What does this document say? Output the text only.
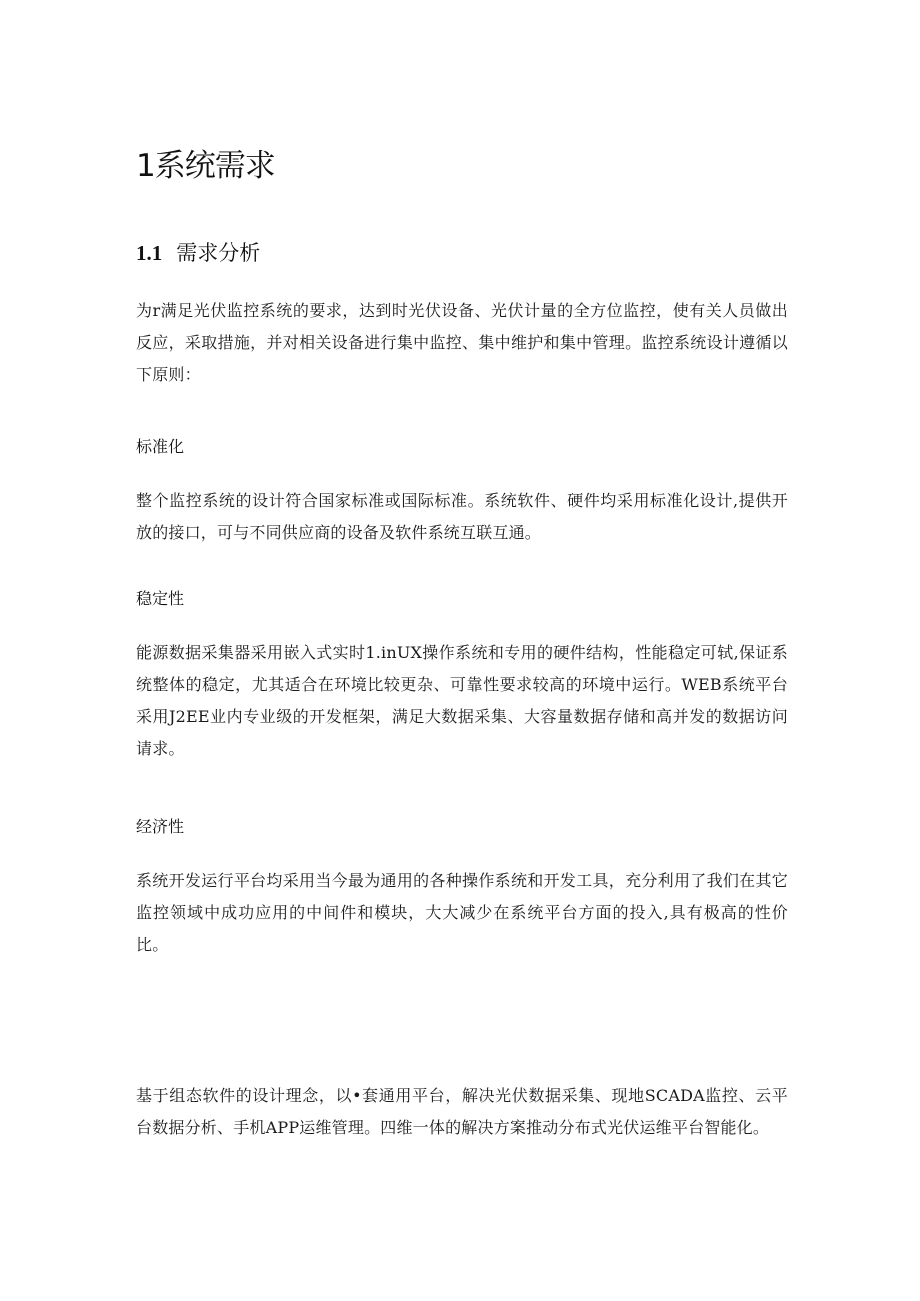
1系统需求
1.1 需求分析

为r满足光伏监控系统的要求，达到时光伏设备、光伏计量的全方位监控，使有关人员做出反应，采取措施，并对相关设备进行集中监控、集中维护和集中管理。监控系统设计遵循以下原则：

标准化

整个监控系统的设计符合国家标准或国际标准。系统软件、硬件均采用标准化设计,提供开放的接口，可与不同供应商的设备及软件系统互联互通。

稳定性

能源数据采集器采用嵌入式实时1.inUX操作系统和专用的硬件结构，性能稳定可轼,保证系统整体的稳定，尤其适合在环境比较更杂、可靠性要求较高的环境中运行。WEB系统平台采用J2EE业内专业级的开发框架，满足大数据采集、大容量数据存储和高并发的数据访问请求。

经济性

系统开发运行平台均采用当今最为通用的各种操作系统和开发工具，充分利用了我们在其它监控领域中成功应用的中间件和模块，大大减少在系统平台方面的投入,具有极高的性价比。

基于组态软件的设计理念，以•套通用平台，解决光伏数据采集、现地SCADA监控、云平台数据分析、手机APP运维管理。四维一体的解决方案推动分布式光伏运维平台智能化。
